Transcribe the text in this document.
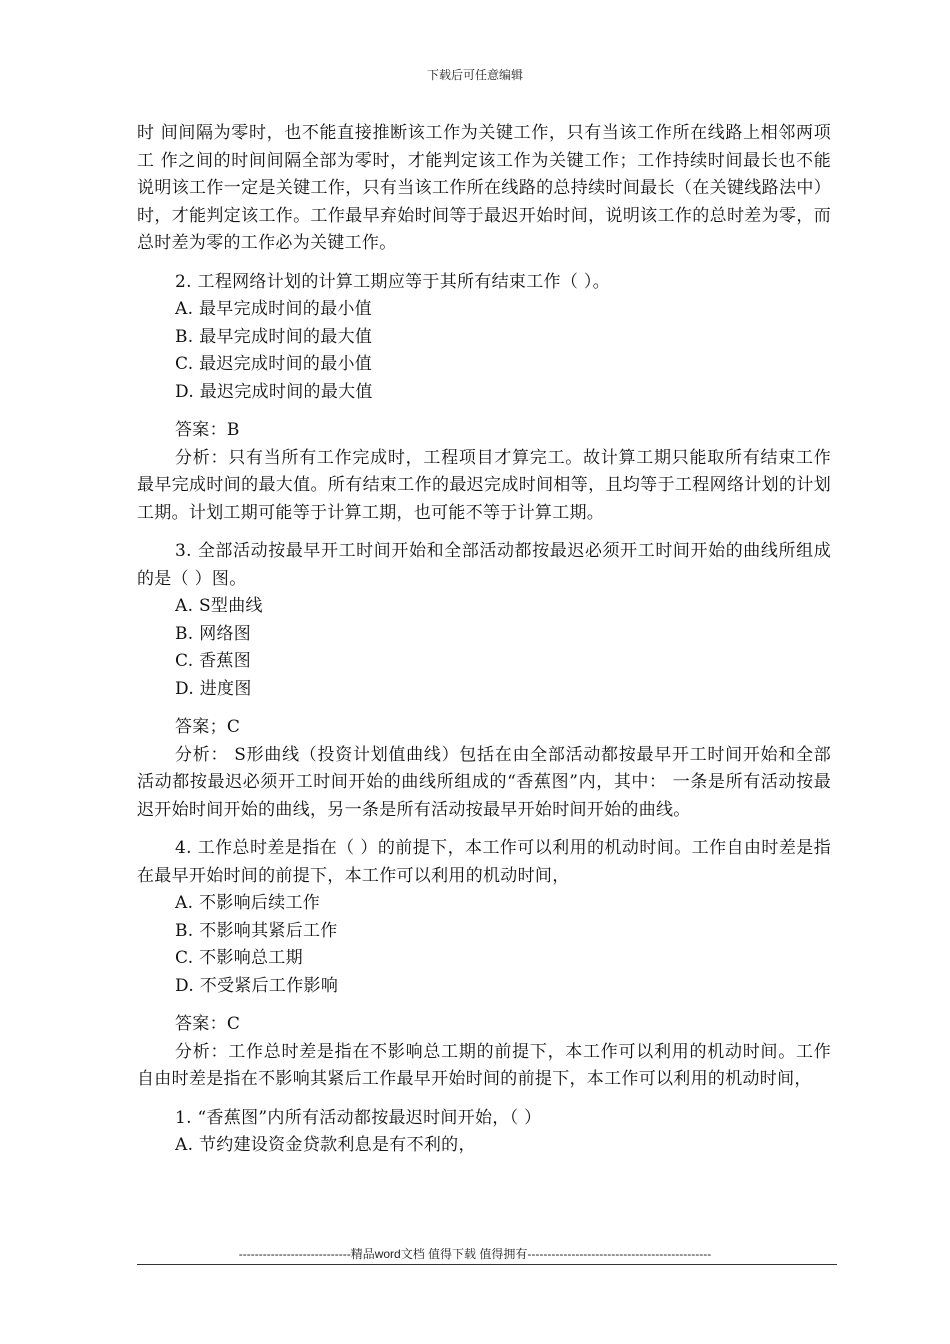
下载后可任意编辑

时 间间隔为零时，也不能直接推断该工作为关键工作，只有当该工作所在线路上相邻两项工 作之间的时间间隔全部为零时，才能判定该工作为关键工作；工作持续时间最长也不能说明该工作一定是关键工作，只有当该工作所在线路的总持续时间最长（在关键线路法中）时，才能判定该工作。工作最早弃始时间等于最迟开始时间，说明该工作的总时差为零，而总时差为零的工作必为关键工作。

2. 工程网络计划的计算工期应等于其所有结束工作（ ）。

A. 最早完成时间的最小值

B. 最早完成时间的最大值

C. 最迟完成时间的最小值

D. 最迟完成时间的最大值

答案：B

分析：只有当所有工作完成时，工程项目才算完工。故计算工期只能取所有结束工作最早完成时间的最大值。所有结束工作的最迟完成时间相等，且均等于工程网络计划的计划工期。计划工期可能等于计算工期，也可能不等于计算工期。

3. 全部活动按最早开工时间开始和全部活动都按最迟必须开工时间开始的曲线所组成的是（ ）图。

A. S型曲线

B. 网络图

C. 香蕉图

D. 进度图

答案；C

分析： S形曲线（投资计划值曲线）包括在由全部活动都按最早开工时间开始和全部活动都按最迟必须开工时间开始的曲线所组成的“香蕉图”内，其中： 一条是所有活动按最迟开始时间开始的曲线，另一条是所有活动按最早开始时间开始的曲线。

4. 工作总时差是指在（ ）的前提下，本工作可以利用的机动时间。工作自由时差是指在最早开始时间的前提下，本工作可以利用的机动时间，

A. 不影响后续工作

B. 不影响其紧后工作

C. 不影响总工期

D. 不受紧后工作影响

答案：C

分析：工作总时差是指在不影响总工期的前提下，本工作可以利用的机动时间。工作自由时差是指在不影响其紧后工作最早开始时间的前提下，本工作可以利用的机动时间，

1. “香蕉图”内所有活动都按最迟时间开始，（ ）

A. 节约建设资金贷款利息是有不利的，

----------------------------精品word文档 值得下载 值得拥有----------------------------------------------
